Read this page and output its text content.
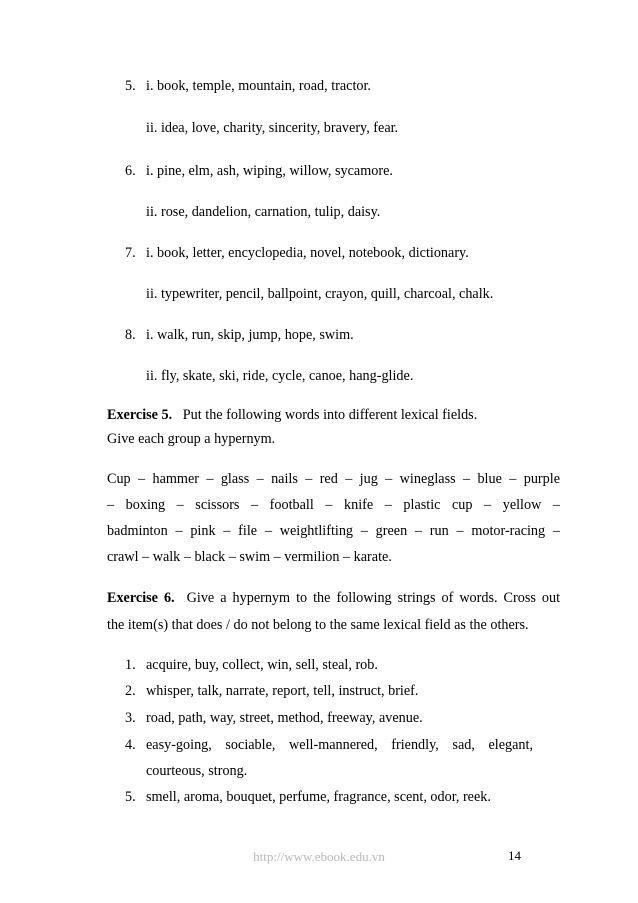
5. i. book, temple, mountain, road, tractor.
ii. idea, love, charity, sincerity, bravery, fear.
6. i. pine, elm, ash, wiping, willow, sycamore.
ii. rose, dandelion, carnation, tulip, daisy.
7. i. book, letter, encyclopedia, novel, notebook, dictionary.
ii. typewriter, pencil, ballpoint, crayon, quill, charcoal, chalk.
8. i. walk, run, skip, jump, hope, swim.
ii. fly, skate, ski, ride, cycle, canoe, hang-glide.
Exercise 5. Put the following words into different lexical fields.
Give each group a hypernym.
Cup – hammer – glass – nails – red – jug – wineglass – blue – purple
– boxing – scissors – football – knife – plastic cup – yellow –
badminton – pink – file – weightlifting – green – run – motor-racing –
crawl – walk – black – swim – vermilion – karate.
Exercise 6. Give a hypernym to the following strings of words. Cross out
the item(s) that does / do not belong to the same lexical field as the others.
1. acquire, buy, collect, win, sell, steal, rob.
2. whisper, talk, narrate, report, tell, instruct, brief.
3. road, path, way, street, method, freeway, avenue.
4. easy-going, sociable, well-mannered, friendly, sad, elegant,
courteous, strong.
5. smell, aroma, bouquet, perfume, fragrance, scent, odor, reek.
http://www.ebook.edu.vn	14
